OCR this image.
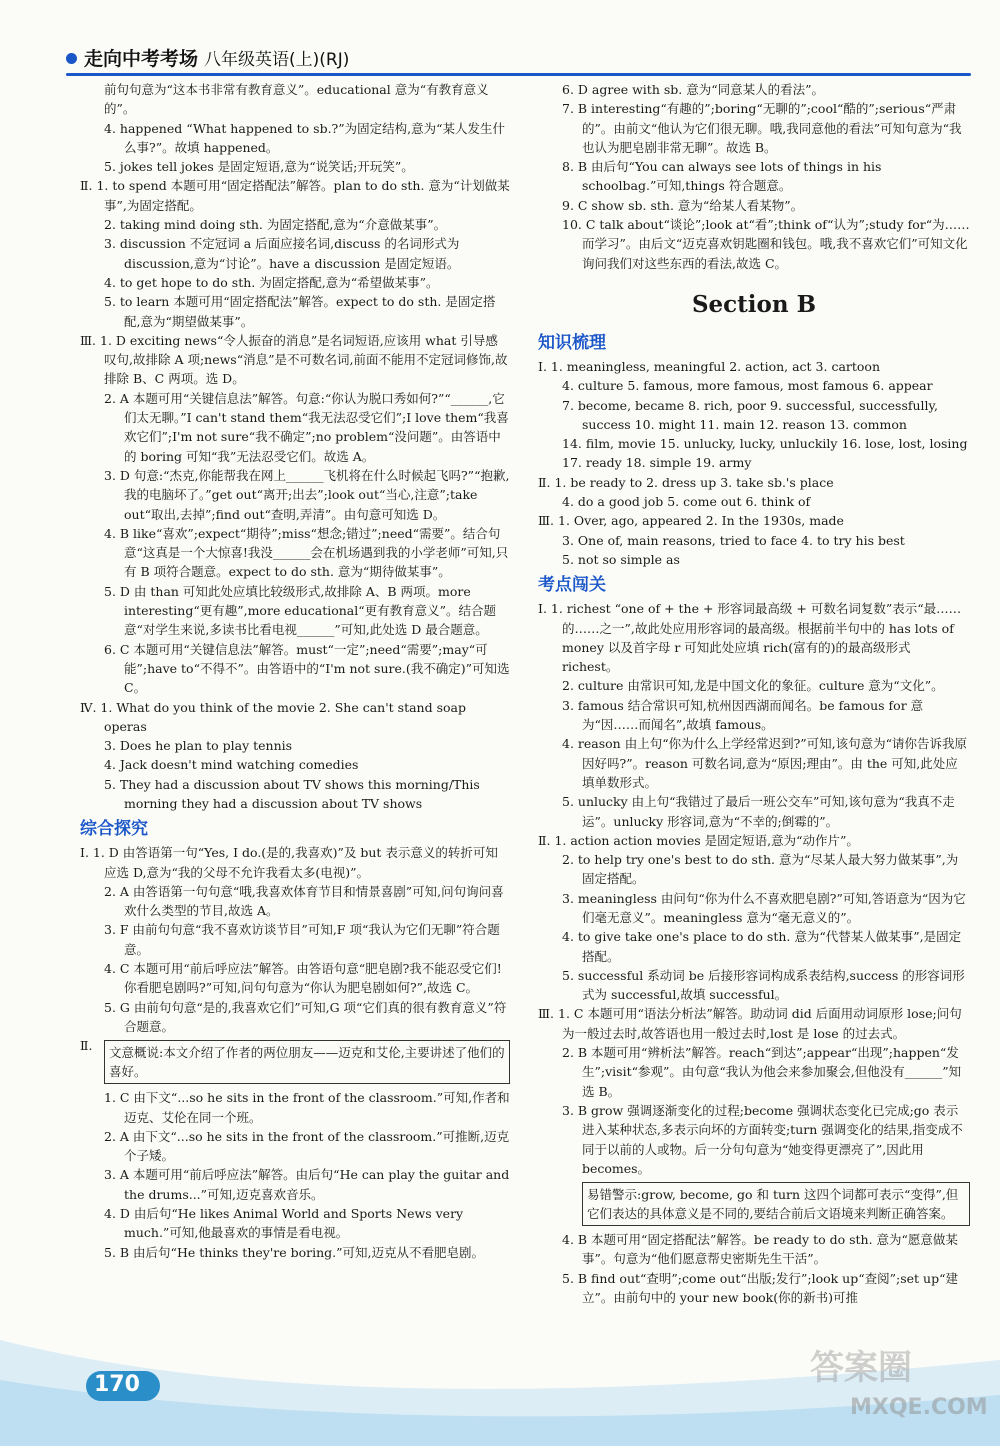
走向中考考场 八年级英语(上)(RJ)

前句句意为“这本书非常有教育意义”。educational 意为“有教育意义的”。

4. happened “What happened to sb.?”为固定结构,意为“某人发生什么事?”。故填 happened。

5. jokes tell jokes 是固定短语,意为“说笑话;开玩笑”。

Ⅱ. 1. to spend 本题可用“固定搭配法”解答。plan to do sth. 意为“计划做某事”,为固定搭配。

2. taking mind doing sth. 为固定搭配,意为“介意做某事”。

3. discussion 不定冠词 a 后面应接名词,discuss 的名词形式为 discussion,意为“讨论”。have a discussion 是固定短语。

4. to get hope to do sth. 为固定搭配,意为“希望做某事”。

5. to learn 本题可用“固定搭配法”解答。expect to do sth. 是固定搭配,意为“期望做某事”。

Ⅲ. 1. D exciting news“令人振奋的消息”是名词短语,应该用 what 引导感叹句,故排除 A 项;news“消息”是不可数名词,前面不能用不定冠词修饰,故排除 B、C 两项。选 D。

2. A 本题可用“关键信息法”解答。句意:“你认为脱口秀如何?”“______,它们太无聊。”I can't stand them“我无法忍受它们”;I love them“我喜欢它们”;I'm not sure“我不确定”;no problem“没问题”。由答语中的 boring 可知“我”无法忍受它们。故选 A。

3. D 句意:“杰克,你能帮我在网上______飞机将在什么时候起飞吗?”“抱歉,我的电脑坏了。”get out“离开;出去”;look out“当心,注意”;take out“取出,去掉”;find out“查明,弄清”。由句意可知选 D。

4. B like“喜欢”;expect“期待”;miss“想念;错过”;need“需要”。结合句意“这真是一个大惊喜!我没______会在机场遇到我的小学老师”可知,只有 B 项符合题意。expect to do sth. 意为“期待做某事”。

5. D 由 than 可知此处应填比较级形式,故排除 A、B 两项。more interesting“更有趣”,more educational“更有教育意义”。结合题意“对学生来说,多读书比看电视______”可知,此处选 D 最合题意。

6. C 本题可用“关键信息法”解答。must“一定”;need“需要”;may“可能”;have to“不得不”。由答语中的“I'm not sure.(我不确定)”可知选 C。

Ⅳ. 1. What do you think of the movie 2. She can't stand soap operas

3. Does he plan to play tennis

4. Jack doesn't mind watching comedies

5. They had a discussion about TV shows this morning/This morning they had a discussion about TV shows

综合探究

Ⅰ. 1. D 由答语第一句“Yes, I do.(是的,我喜欢)”及 but 表示意义的转折可知应选 D,意为“我的父母不允许我看太多(电视)”。

2. A 由答语第一句句意“哦,我喜欢体育节目和情景喜剧”可知,问句询问喜欢什么类型的节目,故选 A。

3. F 由前句句意“我不喜欢访谈节目”可知,F 项“我认为它们无聊”符合题意。

4. C 本题可用“前后呼应法”解答。由答语句意“肥皂剧?我不能忍受它们!你看肥皂剧吗?”可知,问句句意为“你认为肥皂剧如何?”,故选 C。

5. G 由前句句意“是的,我喜欢它们”可知,G 项“它们真的很有教育意义”符合题意。

Ⅱ.	文意概说:本文介绍了作者的两位朋友——迈克和艾伦,主要讲述了他们的喜好。

1. C 由下文“...so he sits in the front of the classroom.”可知,作者和迈克、艾伦在同一个班。

2. A 由下文“...so he sits in the front of the classroom.”可推断,迈克个子矮。

3. A 本题可用“前后呼应法”解答。由后句“He can play the guitar and the drums...”可知,迈克喜欢音乐。

4. D 由后句“He likes Animal World and Sports News very much.”可知,他最喜欢的事情是看电视。

5. B 由后句“He thinks they're boring.”可知,迈克从不看肥皂剧。

6. D agree with sb. 意为“同意某人的看法”。

7. B interesting“有趣的”;boring“无聊的”;cool“酷的”;serious“严肃的”。由前文“他认为它们很无聊。哦,我同意他的看法”可知句意为“我也认为肥皂剧非常无聊”。故选 B。

8. B 由后句“You can always see lots of things in his schoolbag.”可知,things 符合题意。

9. C show sb. sth. 意为“给某人看某物”。

10. C talk about“谈论”;look at“看”;think of“认为”;study for“为……而学习”。由后文“迈克喜欢钥匙圈和钱包。哦,我不喜欢它们”可知文化询问我们对这些东西的看法,故选 C。

Section B

知识梳理

Ⅰ. 1. meaningless, meaningful 2. action, act 3. cartoon

4. culture 5. famous, more famous, most famous 6. appear

7. become, became 8. rich, poor 9. successful, successfully, success 10. might 11. main 12. reason 13. common

14. film, movie 15. unlucky, lucky, unluckily 16. lose, lost, losing

17. ready 18. simple 19. army

Ⅱ. 1. be ready to 2. dress up 3. take sb.'s place

4. do a good job 5. come out 6. think of

Ⅲ. 1. Over, ago, appeared 2. In the 1930s, made

3. One of, main reasons, tried to face 4. to try his best

5. not so simple as

考点闯关

Ⅰ. 1. richest “one of + the + 形容词最高级 + 可数名词复数”表示“最……的……之一”,故此处应用形容词的最高级。根据前半句中的 has lots of money 以及首字母 r 可知此处应填 rich(富有的)的最高级形式 richest。

2. culture 由常识可知,龙是中国文化的象征。culture 意为“文化”。

3. famous 结合常识可知,杭州因西湖而闻名。be famous for 意为“因……而闻名”,故填 famous。

4. reason 由上句“你为什么上学经常迟到?”可知,该句意为“请你告诉我原因好吗?”。reason 可数名词,意为“原因;理由”。由 the 可知,此处应填单数形式。

5. unlucky 由上句“我错过了最后一班公交车”可知,该句意为“我真不走运”。unlucky 形容词,意为“不幸的;倒霉的”。

Ⅱ. 1. action action movies 是固定短语,意为“动作片”。

2. to help try one's best to do sth. 意为“尽某人最大努力做某事”,为固定搭配。

3. meaningless 由问句“你为什么不喜欢肥皂剧?”可知,答语意为“因为它们毫无意义”。meaningless 意为“毫无意义的”。

4. to give take one's place to do sth. 意为“代替某人做某事”,是固定搭配。

5. successful 系动词 be 后接形容词构成系表结构,success 的形容词形式为 successful,故填 successful。

Ⅲ. 1. C 本题可用“语法分析法”解答。助动词 did 后面用动词原形 lose;问句为一般过去时,故答语也用一般过去时,lost 是 lose 的过去式。

2. B 本题可用“辨析法”解答。reach“到达”;appear“出现”;happen“发生”;visit“参观”。由句意“我认为他会来参加聚会,但他没有______”知选 B。

3. B grow 强调逐渐变化的过程;become 强调状态变化已完成;go 表示进入某种状态,多表示向坏的方面转变;turn 强调变化的结果,指变成不同于以前的人或物。后一分句句意为“她变得更漂亮了”,因此用 becomes。

易错警示:grow, become, go 和 turn 这四个词都可表示“变得”,但它们表达的具体意义是不同的,要结合前后文语境来判断正确答案。

4. B 本题可用“固定搭配法”解答。be ready to do sth. 意为“愿意做某事”。句意为“他们愿意帮史密斯先生干活”。

5. B find out“查明”;come out“出版;发行”;look up“查阅”;set up“建立”。由前句中的 your new book(你的新书)可推

170	答案圈
MXQE.COM
